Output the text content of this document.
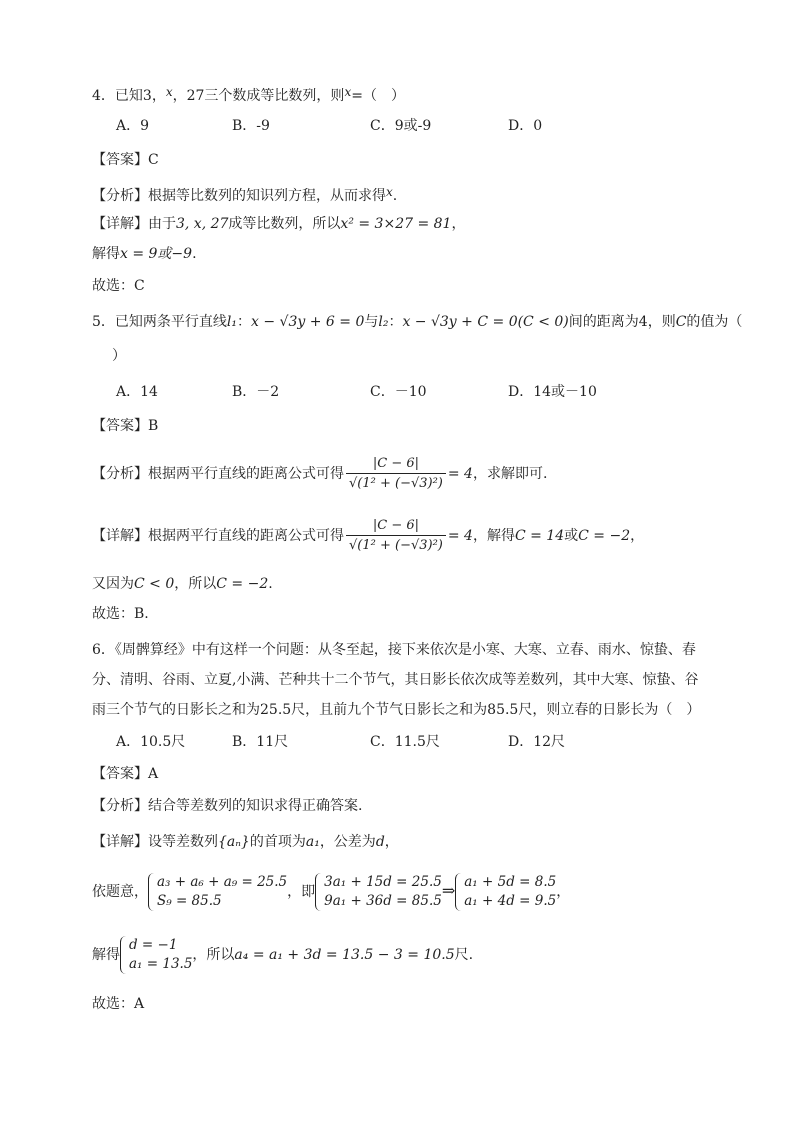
4．已知3，x，27三个数成等比数列，则x=（　）
A．9	B．-9	C．9或-9	D．0
【答案】C
【分析】根据等比数列的知识列方程，从而求得x.
【详解】由于3, x, 27成等比数列，所以x² = 3×27 = 81，
解得x = 9或−9.
故选：C
5．已知两条平行直线l₁：x − √3y + 6 = 0与l₂：x − √3y + C = 0(C < 0)间的距离为4，则C的值为（
）
A．14	B．－2	C．－10	D．14或－10
【答案】B
【分析】根据两平行直线的距离公式可得 $\frac{|C - 6|}{\text{√(1² + (−√3)²)}} = 4$，求解即可.
【详解】根据两平行直线的距离公式可得 $\frac{|C - 6|}{\text{√(1² + (−√3)²)}} = 4$，解得C = 14或C = −2，
又因为C < 0，所以C = −2.
故选：B.
6．《周髀算经》中有这样一个问题：从冬至起，接下来依次是小寒、大寒、立春、雨水、惊蛰、春
分、清明、谷雨、立夏,小满、芒种共十二个节气，其日影长依次成等差数列，其中大寒、惊蛰、谷
雨三个节气的日影长之和为25.5尺，且前九个节气日影长之和为85.5尺，则立春的日影长为（　）
A．10.5尺	B．11尺	C．11.5尺	D．12尺
【答案】A
【分析】结合等差数列的知识求得正确答案.
【详解】设等差数列{aₙ}的首项为a₁，公差为d，
依题意，
a₃ + a₆ + a₉ = 25.5
S₉ = 85.5
，即
3a₁ + 15d = 25.5
9a₁ + 36d = 85.5
⇒ a₁ + 5d = 8.5
a₁ + 4d = 9.5
，
解得
d = −1
a₁ = 13.5
，所以a₄ = a₁ + 3d = 13.5 − 3 = 10.5尺.
故选：A
